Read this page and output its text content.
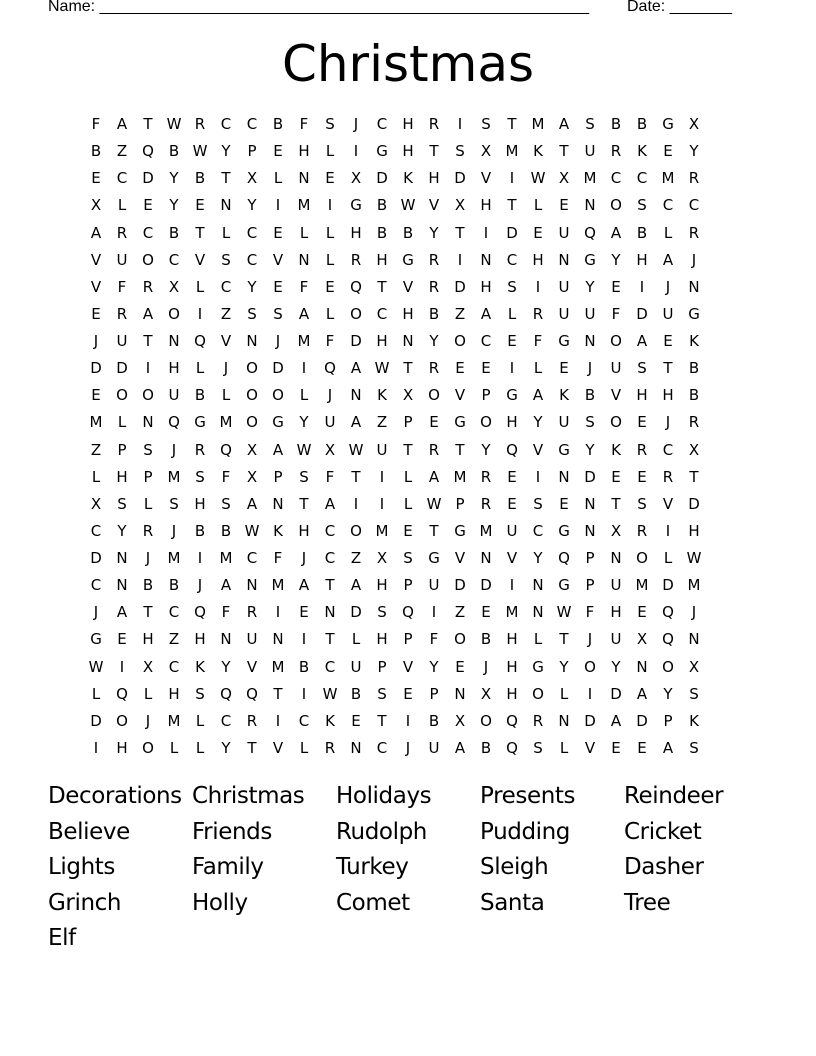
Name: _______________________________________________________ Date: _______
Christmas
F	A	T W R	C	C	B	F	S	J	C	H	R	I	S	T M A	S	B	B	G	X
B	Z Q B W Y	P	E	H	L	I	G H	T	S	X M K	T	U	R	K	E	Y
E	C D	Y	B	T	X	L	N	E	X	D	K	H D	V	I	W X M C	C M R
X	L	E	Y	E	N	Y	I	M	I	G	B W V	X	H	T	L	E	N O	S	C	C
A	R	C	B	T	L	C	E	L	L	H	B	B	Y	T	I	D	E	U Q A	B	L	R
V	U O C	V	S	C	V	N	L	R	H G R	I	N	C	H N G	Y	H	A	J
V	F	R	X	L	C	Y	E	F	E	Q	T	V	R	D H	S	I	U	Y	E	I	J	N
E	R	A O	I	Z	S	S	A	L	O C	H	B	Z	A	L	R	U	U	F	D U G
J	U	T	N Q V	N	J	M	F	D H N	Y	O C	E	F	G N O A	E	K
D D	I	H	L	J	O D	I	Q A W T	R	E	E	I	L	E	J	U	S	T	B
E	O O U	B	L	O O	L	J	N	K	X O V	P	G	A	K	B	V	H H	B
M	L	N Q G M O G	Y	U	A	Z	P	E	G O H	Y	U	S	O	E	J	R
Z	P	S	J	R Q X	A W X W U	T	R	T	Y	Q V	G	Y	K	R	C	X
L	H	P	M S	F	X	P	S	F	T	I	L	A M R	E	I	N D	E	E	R	T
X	S	L	S	H	S	A	N	T	A	I	I	L W P	R	E	S	E	N	T	S	V	D
C	Y	R	J	B	B W K	H	C O M E	T	G M U	C G N	X	R	I	H
D N	J	M	I	M C	F	J	C	Z	X	S	G	V	N	V	Y	Q	P	N O	L W
C	N	B	B	J	A	N M A	T	A	H	P	U D D	I	N G	P	U M D M
J	A	T	C Q	F	R	I	E	N D	S	Q	I	Z	E M N W F	H	E	Q	J
G	E	H	Z	H N U N	I	T	L	H	P	F	O B	H	L	T	J	U	X Q N
W	I	X	C	K	Y	V M B	C	U	P	V	Y	E	J	H G	Y	O	Y	N O X
L	Q	L	H	S	Q Q	T	I	W B	S	E	P	N	X	H O	L	I	D	A	Y	S
D O	J	M	L	C	R	I	C	K	E	T	I	B	X O Q R	N D	A	D	P	K
I	H O	L	L	Y	T	V	L	R	N	C	J	U	A	B Q	S	L	V	E	E	A	S
Decorations Christmas	Holidays	Presents	Reindeer
Believe	Friends	Rudolph	Pudding	Cricket
Lights	Family	Turkey	Sleigh	Dasher
Grinch	Holly	Comet	Santa	Tree
Elf
